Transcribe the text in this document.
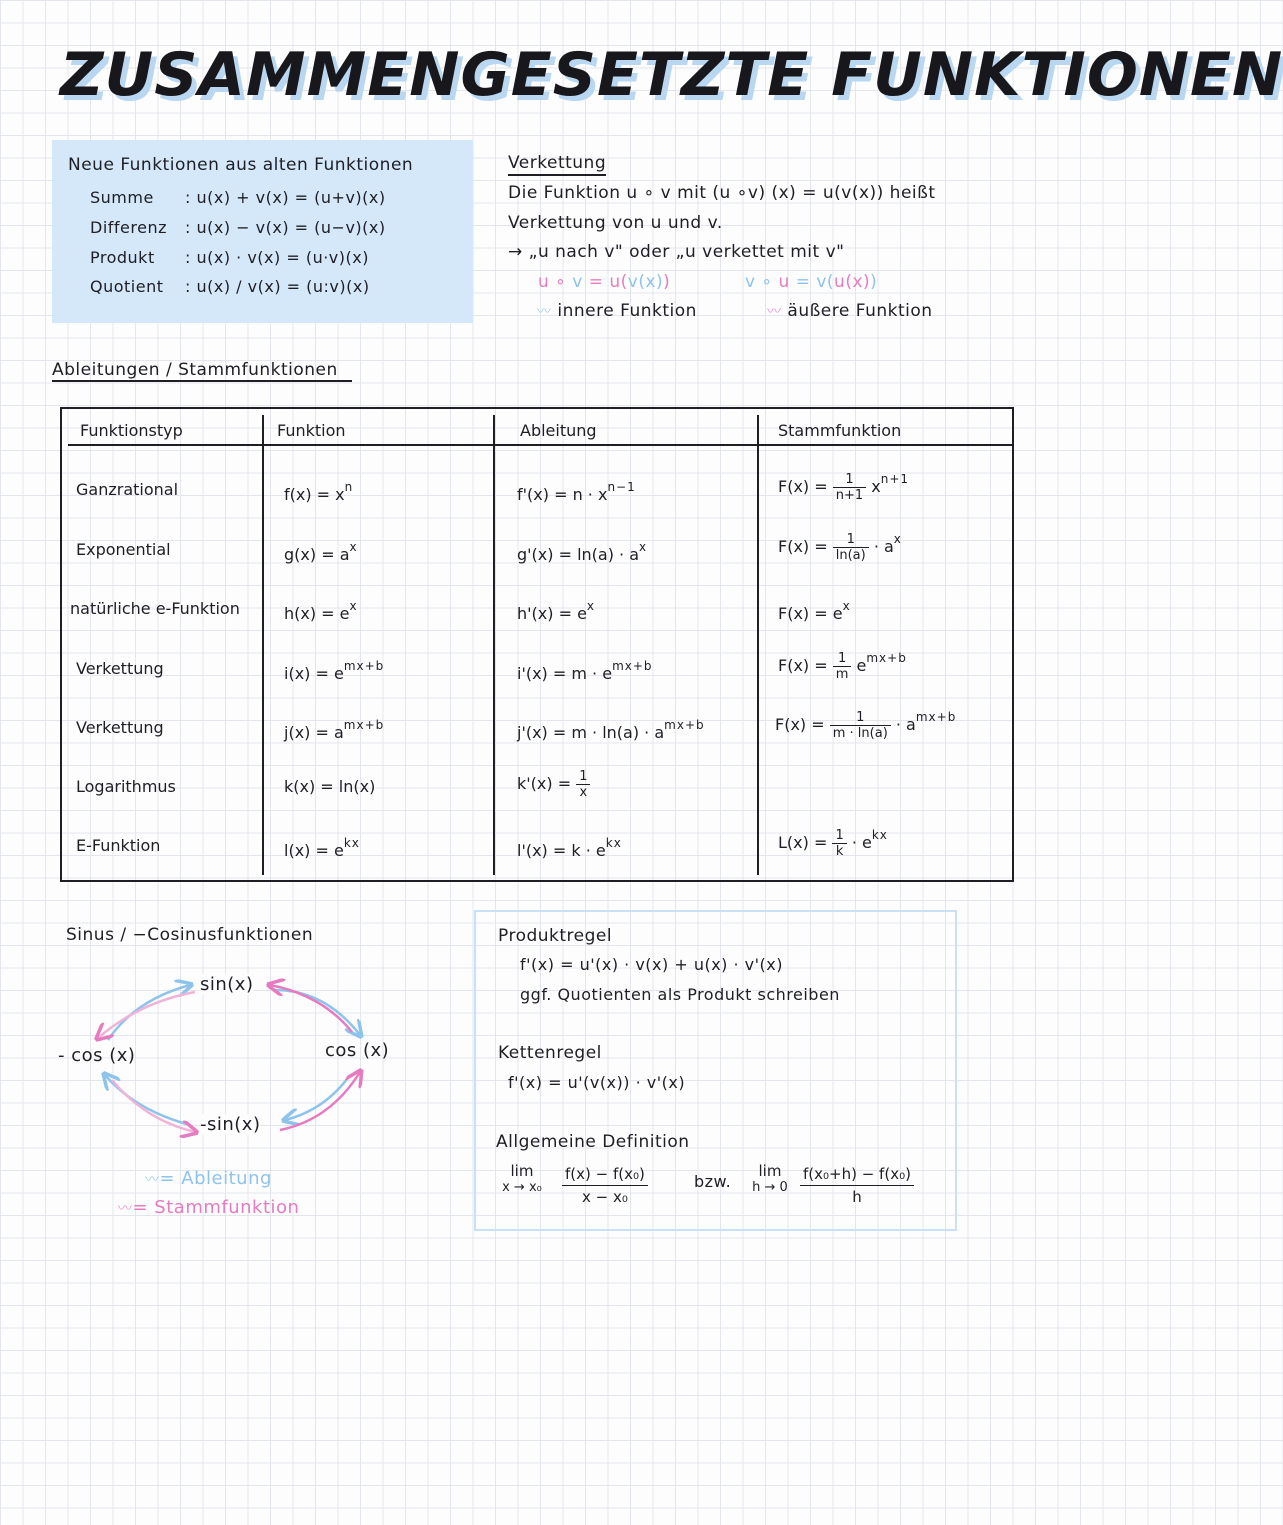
ZUSAMMENGESETZTE FUNKTIONEN
Neue Funktionen aus alten Funktionen
Summe : u(x) + v(x) = (u+v)(x)
Differenz : u(x) − v(x) = (u−v)(x)
Produkt : u(x) · v(x) = (u·v)(x)
Quotient : u(x) / v(x) = (u:v)(x)
Verkettung
Die Funktion u ∘ v mit (u ∘v) (x) = u(v(x)) heißt
Verkettung von u und v.
→ „u nach v" oder „u verkettet mit v"
u ∘ v = u(v(x))	v ∘ u = v(u(x))
〰 innere Funktion	〰 äußere Funktion
Ableitungen / Stammfunktionen
Funktionstyp	Funktion	Ableitung	Stammfunktion
Ganzrational	$f(x) = x^n$	$f'(x) = n \cdot x^{n-1}$	$F(x) = \frac{1}{n+1} x^{n+1}$
Exponential	$g(x) = a^x$	$g'(x) = \ln(a) \cdot a^x$	$F(x) = \frac{1}{\ln(a)} \cdot a^x$
natürliche e-Funktion	$h(x) = e^x$	$h'(x) = e^x$	$F(x) = e^x$
Verkettung	$i(x) = e^{mx+b}$	$i'(x) = m \cdot e^{mx+b}$	$F(x) = \frac{1}{m} e^{mx+b}$
Verkettung	$j(x) = a^{mx+b}$	$j'(x) = m \cdot \ln(a) \cdot a^{mx+b}$	$F(x) = \frac{1}{m \cdot \ln(a)} \cdot a^{mx+b}$
Logarithmus	k(x) = ln(x)	$k'(x) = \frac{1}{x}$
E-Funktion	$l(x) = e^{kx}$	$l'(x) = k \cdot e^{kx}$	$L(x) = \frac{1}{k} \cdot e^{kx}$
Sinus / −Cosinusfunktionen
sin(x)
cos (x)
-sin(x)
- cos (x)
〰= Ableitung
〰= Stammfunktion
Produktregel
f'(x) = u'(x) · v(x) + u(x) · v'(x)
ggf. Quotienten als Produkt schreiben
Kettenregel
f'(x) = u'(v(x)) · v'(x)
Allgemeine Definition
lim
x → x₀	$\frac{\text{f(x) − f(x₀)}}{\text{x − x₀}}$	bzw.
lim
$h \to 0 \frac{\text{f(x₀+h) − f(x₀)}}{h}$
